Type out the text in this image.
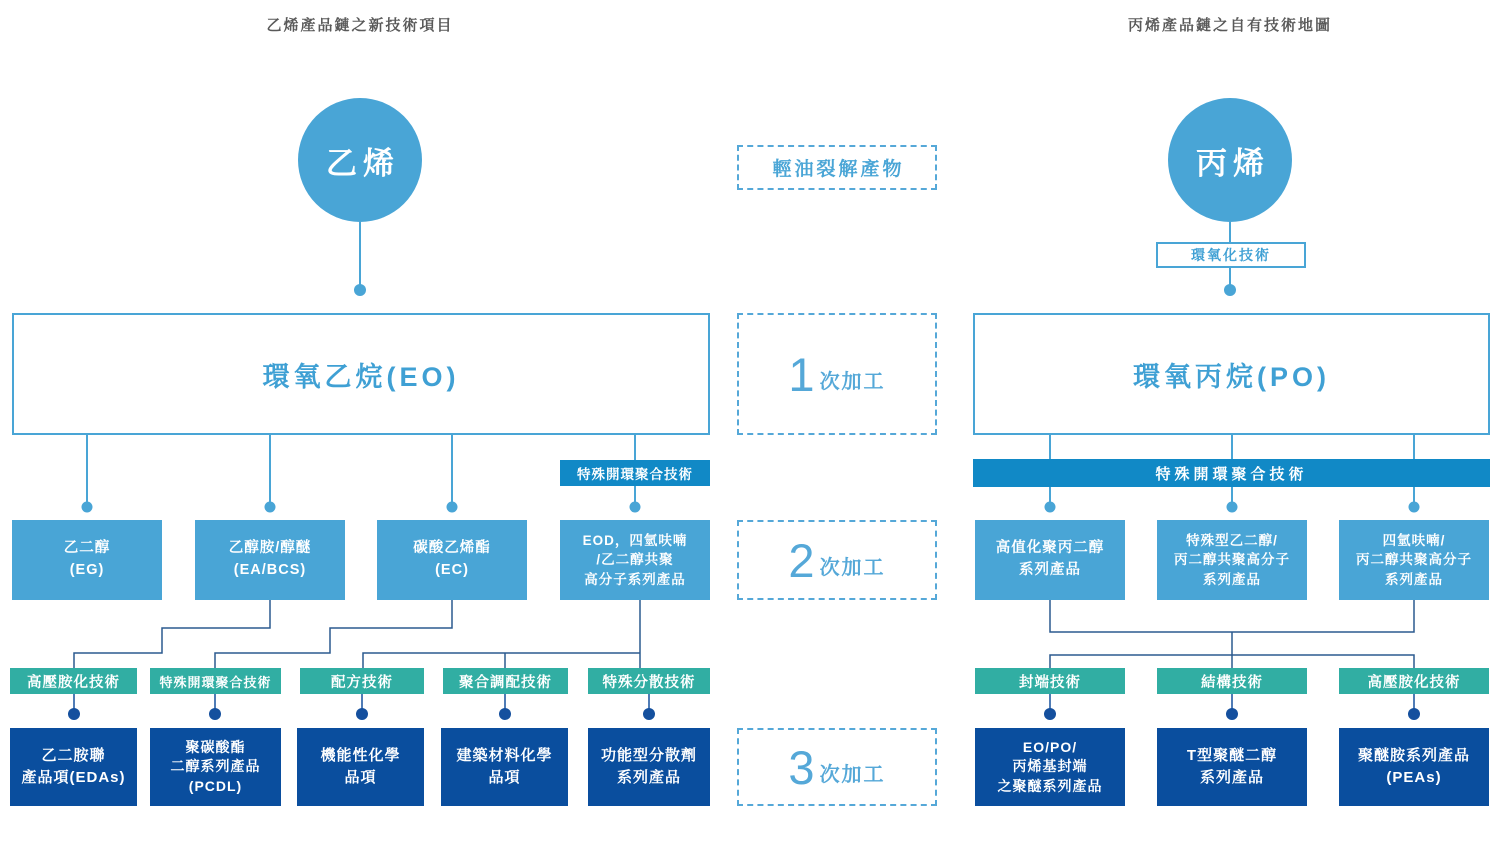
乙烯產品鏈之新技術項目	丙烯產品鏈之自有技術地圖
乙烯	丙烯
輕油裂解產物
環氧化技術
環氧乙烷(EO)	環氧丙烷(PO)
1 次加工
2 次加工
3 次加工
特殊開環聚合技術	特殊開環聚合技術
乙二醇
(EG)
乙醇胺/醇醚
(EA/BCS)
碳酸乙烯酯
(EC)
EOD，四氫呋喃
/乙二醇共聚
高分子系列產品
高值化聚丙二醇
系列產品
特殊型乙二醇/
丙二醇共聚高分子
系列產品
四氫呋喃/
丙二醇共聚高分子
系列產品
高壓胺化技術	特殊開環聚合技術	配方技術	聚合調配技術	特殊分散技術	封端技術	結構技術	高壓胺化技術
乙二胺聯
產品項(EDAs)
聚碳酸酯
二醇系列產品
(PCDL)
機能性化學
品項
建築材料化學
品項
功能型分散劑
系列產品
EO/PO/
丙烯基封端
之聚醚系列產品
T型聚醚二醇
系列產品
聚醚胺系列產品
(PEAs)
